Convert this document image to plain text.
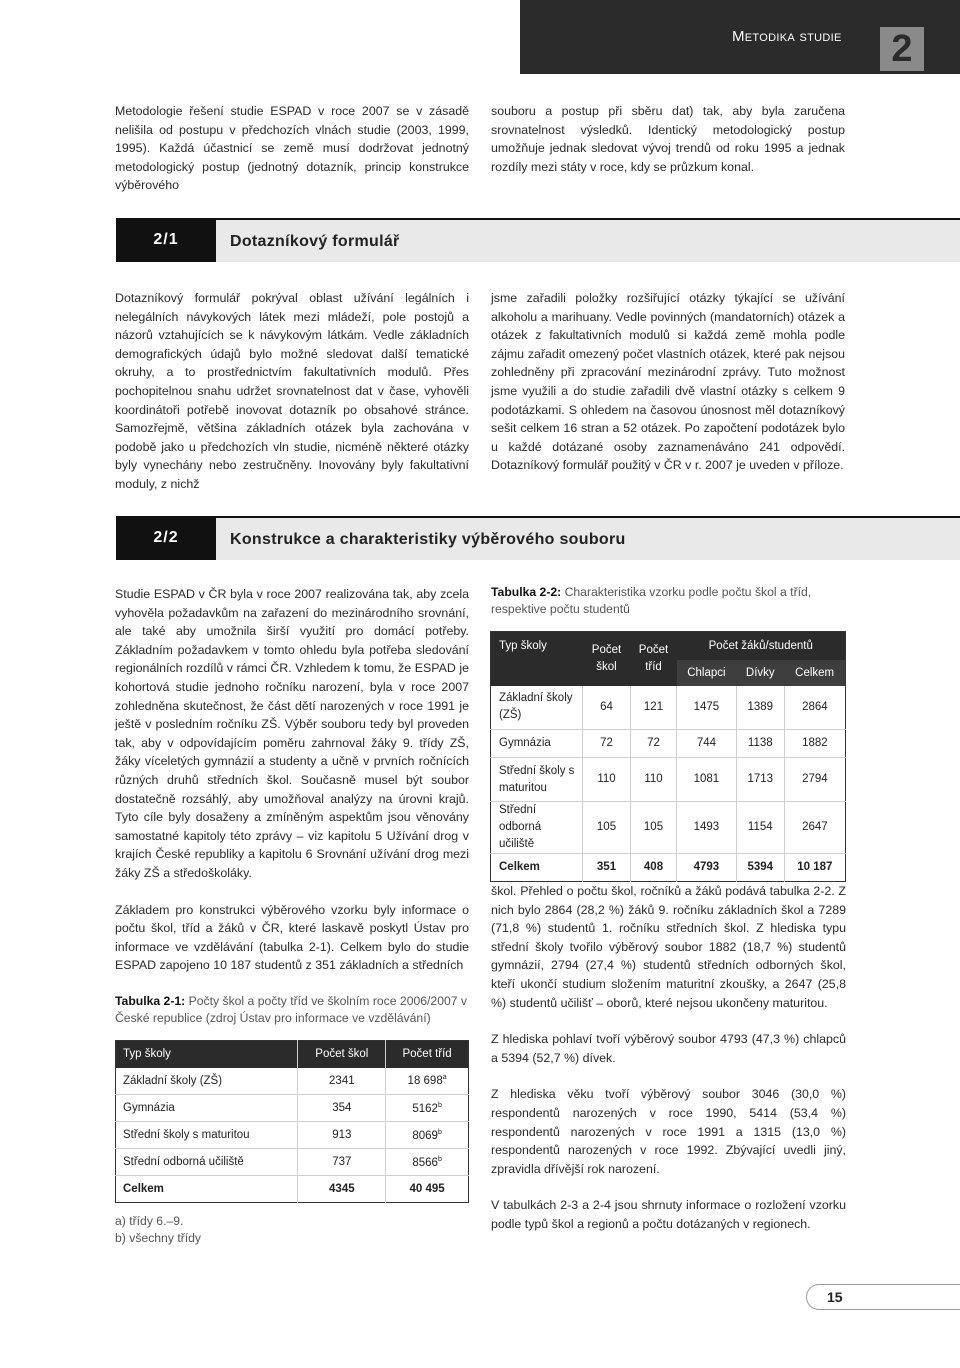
Metodika studie	2

Metodologie řešení studie ESPAD v roce 2007 se v zásadě nelišila od postupu v předchozích vlnách studie (2003, 1999, 1995). Každá účastnicí se země musí dodržovat jednotný metodologický postup (jednotný dotazník, princip konstrukce výběrového

souboru a postup při sběru dat) tak, aby byla zaručena srovnatelnost výsledků. Identický metodologický postup umožňuje jednak sledovat vývoj trendů od roku 1995 a jednak rozdíly mezi státy v roce, kdy se průzkum konal.

2/1	Dotazníkový formulář

Dotazníkový formulář pokrýval oblast užívání legálních i nelegálních návykových látek mezi mládeží, pole postojů a názorů vztahujících se k návykovým látkám. Vedle základních demografických údajů bylo možné sledovat další tematické okruhy, a to prostřednictvím fakultativních modulů. Přes pochopitelnou snahu udržet srovnatelnost dat v čase, vyhověli koordinátoři potřebě inovovat dotazník po obsahové stránce. Samozřejmě, většina základních otázek byla zachována v podobě jako u předchozích vln studie, nicméně některé otázky byly vynechány nebo zestručněny. Inovovány byly fakultativní moduly, z nichž

jsme zařadili položky rozšiřující otázky týkající se užívání alkoholu a marihuany. Vedle povinných (mandatorních) otázek a otázek z fakultativních modulů si každá země mohla podle zájmu zařadit omezený počet vlastních otázek, které pak nejsou zohledněny při zpracování mezinárodní zprávy. Tuto možnost jsme využili a do studie zařadili dvě vlastní otázky s celkem 9 podotázkami. S ohledem na časovou únosnost měl dotazníkový sešit celkem 16 stran a 52 otázek. Po započtení podotázek bylo u každé dotázané osoby zaznamenáváno 241 odpovědí. Dotazníkový formulář použitý v ČR v r. 2007 je uveden v příloze.

2/2	Konstrukce a charakteristiky výběrového souboru

Studie ESPAD v ČR byla v roce 2007 realizována tak, aby zcela vyhověla požadavkům na zařazení do mezinárodního srovnání, ale také aby umožnila širší využití pro domácí potřeby. Základním požadavkem v tomto ohledu byla potřeba sledování regionálních rozdílů v rámci ČR. Vzhledem k tomu, že ESPAD je kohortová studie jednoho ročníku narození, byla v roce 2007 zohledněna skutečnost, že část dětí narozených v roce 1991 je ještě v posledním ročníku ZŠ. Výběr souboru tedy byl proveden tak, aby v odpovídajícím poměru zahrnoval žáky 9. třídy ZŠ, žáky víceletých gymnázií a studenty a učně v prvních ročnících různých druhů středních škol. Současně musel být soubor dostatečně rozsáhlý, aby umožňoval analýzy na úrovni krajů. Tyto cíle byly dosaženy a zmíněným aspektům jsou věnovány samostatné kapitoly této zprávy – viz kapitolu 5 Užívání drog v krajích České republiky a kapitolu 6 Srovnání užívání drog mezi žáky ZŠ a středoškoláky.

Základem pro konstrukci výběrového vzorku byly informace o počtu škol, tříd a žáků v ČR, které laskavě poskytl Ústav pro informace ve vzdělávání (tabulka 2-1). Celkem bylo do studie ESPAD zapojeno 10 187 studentů z 351 základních a středních

Tabulka 2-1: Počty škol a počty tříd ve školním roce 2006/2007 v České republice (zdroj Ústav pro informace ve vzdělávání)
Typ školy	Počet škol	Počet tříd
Základní školy (ZŠ)	2341	18 698$^a$
Gymnázia	354	5162$^b$
Střední školy s maturitou	913	8069$^b$
Střední odborná učiliště	737	8566$^b$
Celkem	4345	40 495
a) třídy 6.–9.
b) všechny třídy
Tabulka 2-2: Charakteristika vzorku podle počtu škol a tříd, respektive počtu studentů
Typ školy	Počet škol	Počet tříd	Počet žáků/studentů		
			Chlapci	Dívky	Celkem
Základní školy (ZŠ)	64	121	1475	1389	2864
Gymnázia	72	72	744	1138	1882
Střední školy s maturitou	110	110	1081	1713	2794
Střední odborná učiliště	105	105	1493	1154	2647
Celkem	351	408	4793	5394	10 187

škol. Přehled o počtu škol, ročníků a žáků podává tabulka 2-2. Z nich bylo 2864 (28,2 %) žáků 9. ročníku základních škol a 7289 (71,8 %) studentů 1. ročníku středních škol. Z hlediska typu střední školy tvořilo výběrový soubor 1882 (18,7 %) studentů gymnázií, 2794 (27,4 %) studentů středních odborných škol, kteří ukončí studium složením maturitní zkoušky, a 2647 (25,8 %) studentů učilišť – oborů, které nejsou ukončeny maturitou.

Z hlediska pohlaví tvoří výběrový soubor 4793 (47,3 %) chlapců a 5394 (52,7 %) dívek.

Z hlediska věku tvoří výběrový soubor 3046 (30,0 %) respondentů narozených v roce 1990, 5414 (53,4 %) respondentů narozených v roce 1991 a 1315 (13,0 %) respondentů narozených v roce 1992. Zbývající uvedli jiný, zpravidla dřívější rok narození.

V tabulkách 2-3 a 2-4 jsou shrnuty informace o rozložení vzorku podle typů škol a regionů a počtu dotázaných v regionech.

15
